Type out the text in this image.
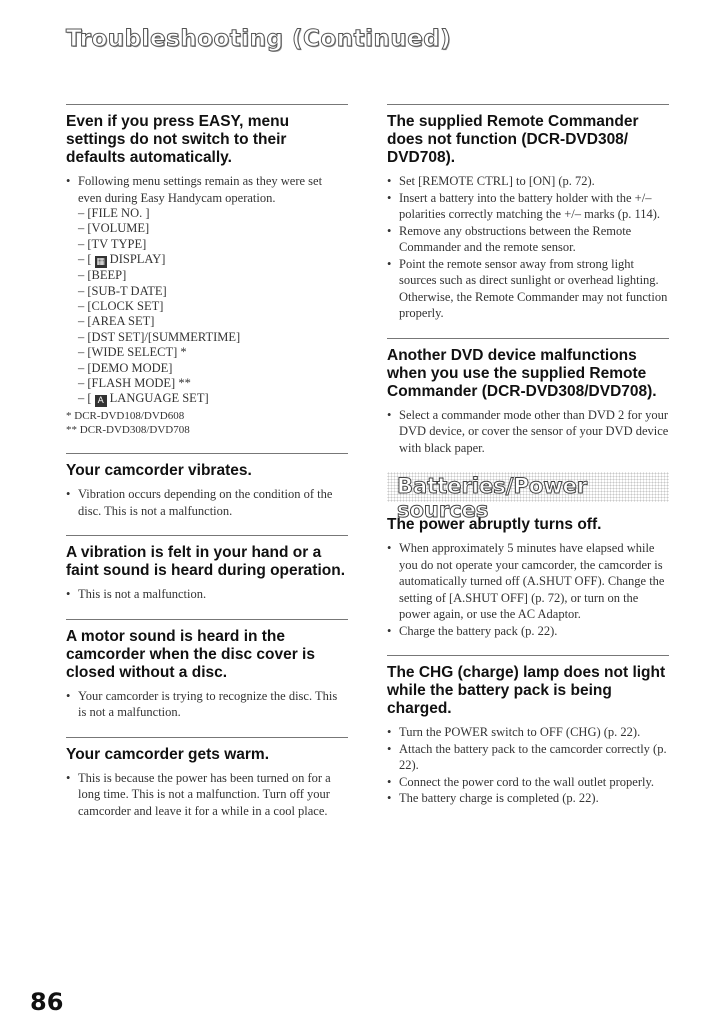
Troubleshooting (Continued)
Even if you press EASY, menu settings do not switch to their defaults automatically.
• Following menu settings remain as they were set even during Easy Handycam operation.
– [FILE NO. ]
– [VOLUME]
– [TV TYPE]
– [ ▦ DISPLAY]
– [BEEP]
– [SUB-T DATE]
– [CLOCK SET]
– [AREA SET]
– [DST SET]/[SUMMERTIME]
– [WIDE SELECT] *
– [DEMO MODE]
– [FLASH MODE] **
– [ A LANGUAGE SET]
* DCR-DVD108/DVD608
** DCR-DVD308/DVD708
Your camcorder vibrates.
• Vibration occurs depending on the condition of the disc. This is not a malfunction.
A vibration is felt in your hand or a faint sound is heard during operation.
• This is not a malfunction.
A motor sound is heard in the camcorder when the disc cover is closed without a disc.
• Your camcorder is trying to recognize the disc. This is not a malfunction.
Your camcorder gets warm.
• This is because the power has been turned on for a long time. This is not a malfunction. Turn off your camcorder and leave it for a while in a cool place.
The supplied Remote Commander does not function (DCR-DVD308/ DVD708).
• Set [REMOTE CTRL] to [ON] (p. 72).
• Insert a battery into the battery holder with the +/– polarities correctly matching the +/– marks (p. 114).
• Remove any obstructions between the Remote Commander and the remote sensor.
• Point the remote sensor away from strong light sources such as direct sunlight or overhead lighting. Otherwise, the Remote Commander may not function properly.
Another DVD device malfunctions when you use the supplied Remote Commander (DCR-DVD308/DVD708).
• Select a commander mode other than DVD 2 for your DVD device, or cover the sensor of your DVD device with black paper.
Batteries/Power sources
The power abruptly turns off.
• When approximately 5 minutes have elapsed while you do not operate your camcorder, the camcorder is automatically turned off (A.SHUT OFF). Change the setting of [A.SHUT OFF] (p. 72), or turn on the power again, or use the AC Adaptor.
• Charge the battery pack (p. 22).
The CHG (charge) lamp does not light while the battery pack is being charged.
• Turn the POWER switch to OFF (CHG) (p. 22).
• Attach the battery pack to the camcorder correctly (p. 22).
• Connect the power cord to the wall outlet properly.
• The battery charge is completed (p. 22).
86
